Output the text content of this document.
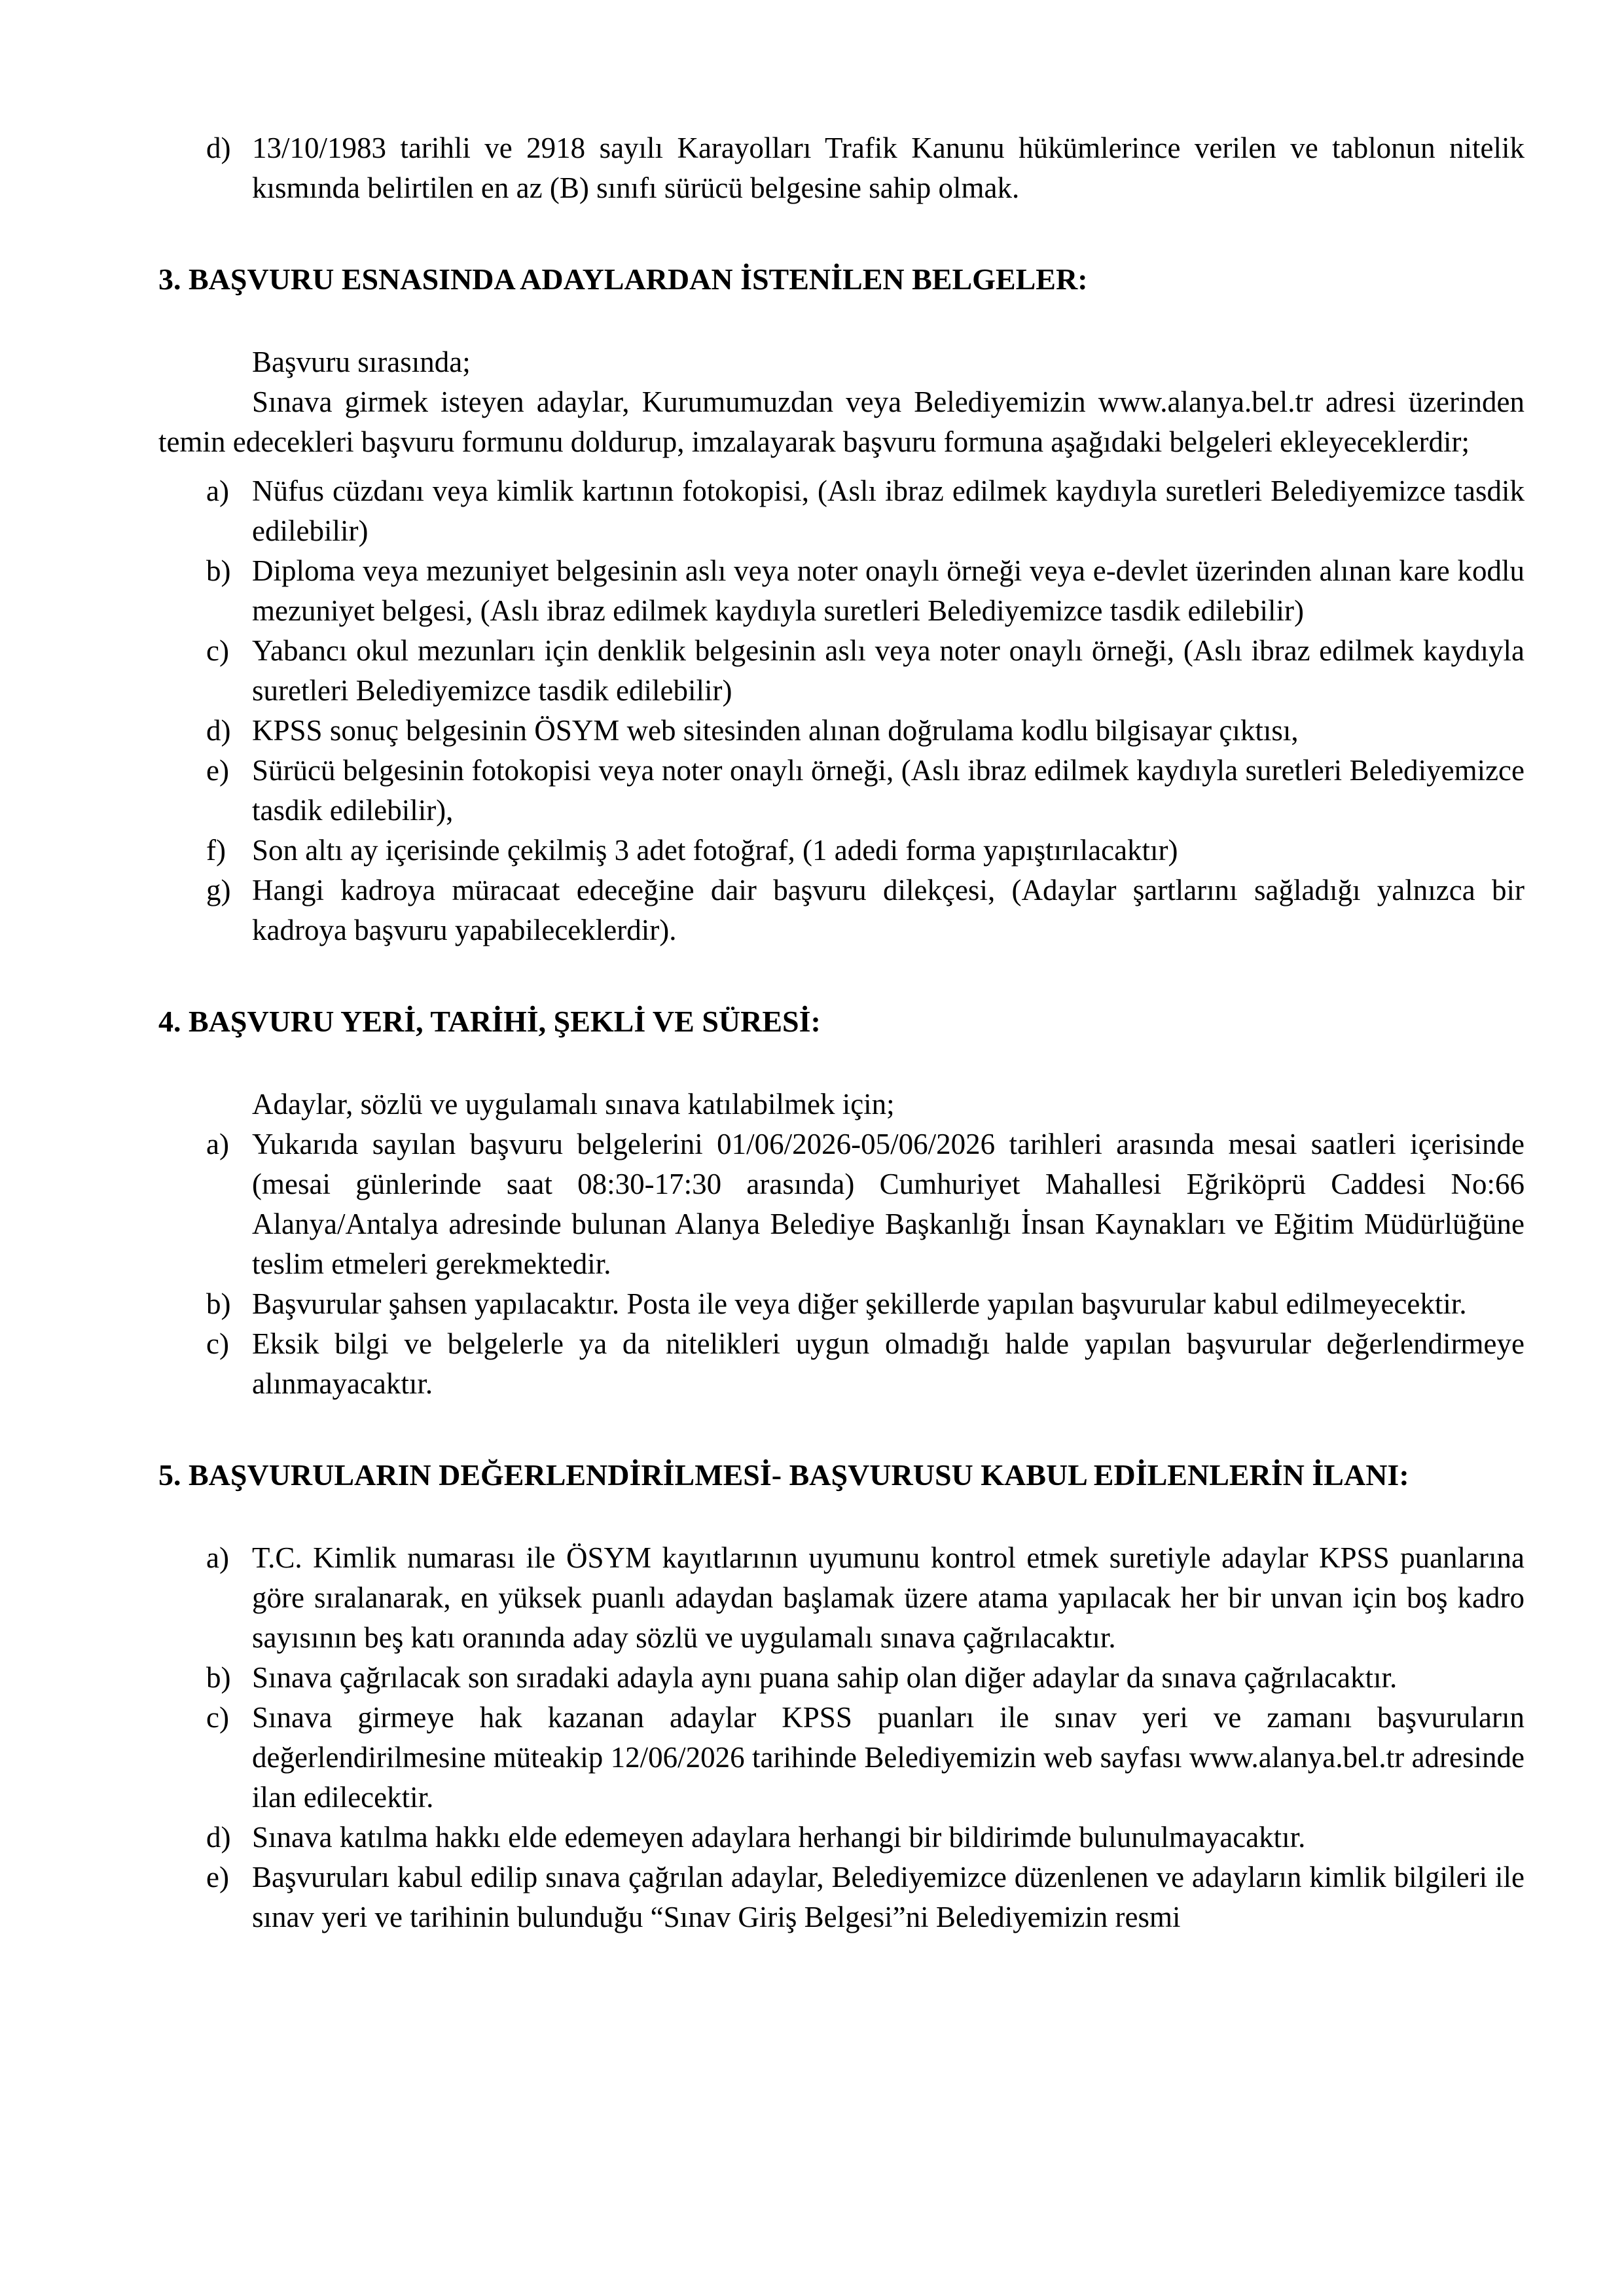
d) 13/10/1983 tarihli ve 2918 sayılı Karayolları Trafik Kanunu hükümlerince verilen ve tablonun nitelik kısmında belirtilen en az (B) sınıfı sürücü belgesine sahip olmak.
3. BAŞVURU ESNASINDA ADAYLARDAN İSTENİLEN BELGELER:

Başvuru sırasında;

Sınava girmek isteyen adaylar, Kurumumuzdan veya Belediyemizin www.alanya.bel.tr adresi üzerinden temin edecekleri başvuru formunu doldurup, imzalayarak başvuru formuna aşağıdaki belgeleri ekleyeceklerdir;

a) Nüfus cüzdanı veya kimlik kartının fotokopisi, (Aslı ibraz edilmek kaydıyla suretleri Belediyemizce tasdik edilebilir)
b) Diploma veya mezuniyet belgesinin aslı veya noter onaylı örneği veya e-devlet üzerinden alınan kare kodlu mezuniyet belgesi, (Aslı ibraz edilmek kaydıyla suretleri Belediyemizce tasdik edilebilir)
c) Yabancı okul mezunları için denklik belgesinin aslı veya noter onaylı örneği, (Aslı ibraz edilmek kaydıyla suretleri Belediyemizce tasdik edilebilir)
d) KPSS sonuç belgesinin ÖSYM web sitesinden alınan doğrulama kodlu bilgisayar çıktısı,
e) Sürücü belgesinin fotokopisi veya noter onaylı örneği, (Aslı ibraz edilmek kaydıyla suretleri Belediyemizce tasdik edilebilir),
f) Son altı ay içerisinde çekilmiş 3 adet fotoğraf, (1 adedi forma yapıştırılacaktır)
g) Hangi kadroya müracaat edeceğine dair başvuru dilekçesi, (Adaylar şartlarını sağladığı yalnızca bir kadroya başvuru yapabileceklerdir).
4. BAŞVURU YERİ, TARİHİ, ŞEKLİ VE SÜRESİ:

Adaylar, sözlü ve uygulamalı sınava katılabilmek için;

a) Yukarıda sayılan başvuru belgelerini 01/06/2026-05/06/2026 tarihleri arasında mesai saatleri içerisinde (mesai günlerinde saat 08:30-17:30 arasında) Cumhuriyet Mahallesi Eğriköprü Caddesi No:66 Alanya/Antalya adresinde bulunan Alanya Belediye Başkanlığı İnsan Kaynakları ve Eğitim Müdürlüğüne teslim etmeleri gerekmektedir.
b) Başvurular şahsen yapılacaktır. Posta ile veya diğer şekillerde yapılan başvurular kabul edilmeyecektir.
c) Eksik bilgi ve belgelerle ya da nitelikleri uygun olmadığı halde yapılan başvurular değerlendirmeye alınmayacaktır.
5. BAŞVURULARIN DEĞERLENDİRİLMESİ- BAŞVURUSU KABUL EDİLENLERİN İLANI:
a) T.C. Kimlik numarası ile ÖSYM kayıtlarının uyumunu kontrol etmek suretiyle adaylar KPSS puanlarına göre sıralanarak, en yüksek puanlı adaydan başlamak üzere atama yapılacak her bir unvan için boş kadro sayısının beş katı oranında aday sözlü ve uygulamalı sınava çağrılacaktır.
b) Sınava çağrılacak son sıradaki adayla aynı puana sahip olan diğer adaylar da sınava çağrılacaktır.
c) Sınava girmeye hak kazanan adaylar KPSS puanları ile sınav yeri ve zamanı başvuruların değerlendirilmesine müteakip 12/06/2026 tarihinde Belediyemizin web sayfası www.alanya.bel.tr adresinde ilan edilecektir.
d) Sınava katılma hakkı elde edemeyen adaylara herhangi bir bildirimde bulunulmayacaktır.
e) Başvuruları kabul edilip sınava çağrılan adaylar, Belediyemizce düzenlenen ve adayların kimlik bilgileri ile sınav yeri ve tarihinin bulunduğu “Sınav Giriş Belgesi”ni Belediyemizin resmi
